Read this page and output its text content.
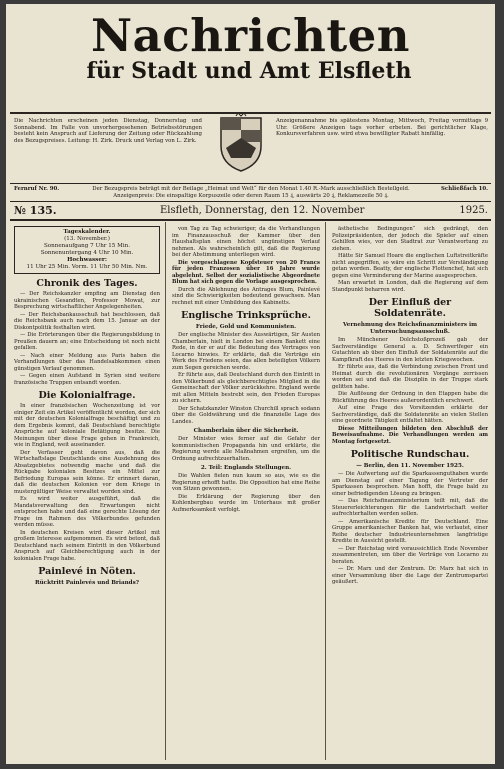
Nachrichten
für Stadt und Amt Elsfleth
Die Nachrichten erscheinen jeden Dienstag, Donnerstag und Sonnabend. Im Falle von unvorhergesehenen Betriebsstörungen besteht kein Anspruch auf Lieferung der Zeitung oder Rückzahlung des Bezugspreises. Leitung: H. Zirk. Druck und Verlag von L. Zirk.
Anzeigenannahme bis spätestens Montag, Mittwoch, Freitag vormittags 9 Uhr. Größere Anzeigen tags vorher erbeten. Bei gerichtlicher Klage, Konkursverfahren usw. wird etwa bewilligter Rabatt hinfällig.
Fernruf Nr. 90.	Der Bezugspreis beträgt mit der Beilage „Heimat und Welt“ für den Monat 1.40 R.-Mark ausschließlich Bestellgeld. Anzeigenpreis: Die einspaltige Korpuszeile oder deren Raum 15 ₰, auswärts 20 ₰, Reklamezeile 50 ₰.
Schließfach 10.
№ 135.	Elsfleth, Donnerstag, den 12. November	1925.
Tageskalender.
(13. November.)
Sonnenaufgang 7 Uhr 15 Min. Sonnenuntergang 4 Uhr 10 Min.
Hochwasser:
11 Uhr 25 Min. Vorm. 11 Uhr 50 Min. Nm.
Chronik des Tages.

— Der Reichskanzler empfing am Dienstag den ukrainischen Gesandten, Professor Mowat, zur Besprechung wirtschaftlicher Angelegenheiten.

— Der Reichsbankausschuß hat beschlossen, daß die Reichsbank auch nach dem 15. Januar an der Diskontpolitik festhalten wird.

— Die Erörterungen über die Regierungsbildung in Preußen dauern an; eine Entscheidung ist noch nicht gefallen.

— Nach einer Meldung aus Paris haben die Verhandlungen über das Handelsabkommen einen günstigen Verlauf genommen.

— Gegen einen Aufstand in Syrien sind weitere französische Truppen entsandt worden.

Die Kolonialfrage.

In einer französischen Wochenzeitung ist vor einiger Zeit ein Artikel veröffentlicht worden, der sich mit der deutschen Kolonialfrage beschäftigt und zu dem Ergebnis kommt, daß Deutschland berechtigte Ansprüche auf koloniale Betätigung besitze. Die Meinungen über diese Frage gehen in Frankreich, wie in England, weit auseinander.

Der Verfasser geht davon aus, daß die Wirtschaftslage Deutschlands eine Ausdehnung des Absatzgebietes notwendig mache und daß die Rückgabe kolonialen Besitzes ein Mittel zur Befriedung Europas sein könne. Er erinnert daran, daß die deutschen Kolonien vor dem Kriege in mustergültiger Weise verwaltet worden sind.

Es wird weiter ausgeführt, daß die Mandatsverwaltung den Erwartungen nicht entsprochen habe und daß eine gerechte Lösung der Frage im Rahmen des Völkerbundes gefunden werden müsse.

In deutschen Kreisen wird dieser Artikel mit großem Interesse aufgenommen. Es wird betont, daß Deutschland nach seinem Eintritt in den Völkerbund Anspruch auf Gleichberechtigung auch in der kolonialen Frage habe.

Painlevé in Nöten.
Rücktritt Painlevés und Briands?

von Tag zu Tag schwieriger, da die Verhandlungen im Finanzausschuß der Kammer über den Haushaltsplan einen höchst ungünstigen Verlauf nehmen. Als wahrscheinlich gilt, daß die Regierung bei der Abstimmung unterliegen wird.

Die vorgeschlagene Kopfsteuer von 20 Francs für jeden Franzosen über 16 Jahre wurde abgelehnt. Selbst der sozialistische Abgeordnete Blum hat sich gegen die Vorlage ausgesprochen.

Durch die Ablehnung des Antrages Blum, Painlevé sind die Schwierigkeiten bedeutend gewachsen. Man rechnet mit einer Umbildung des Kabinetts.

Englische Trinksprüche.
Friede, Gold und Kommunisten.

Der englische Minister des Auswärtigen, Sir Austen Chamberlain, hielt in London bei einem Bankett eine Rede, in der er auf die Bedeutung des Vertrages von Locarno hinwies. Er erklärte, daß die Verträge ein Werk des Friedens seien, das allen beteiligten Völkern zum Segen gereichen werde.

Er führte aus, daß Deutschland durch den Eintritt in den Völkerbund als gleichberechtigtes Mitglied in die Gemeinschaft der Völker zurückkehre. England werde mit allen Mitteln bestrebt sein, den Frieden Europas zu sichern.

Der Schatzkanzler Winston Churchill sprach sodann über die Goldwährung und die finanzielle Lage des Landes.

Chamberlain über die Sicherheit.

Der Minister wies ferner auf die Gefahr der kommunistischen Propaganda hin und erklärte, die Regierung werde alle Maßnahmen ergreifen, um die Ordnung aufrechtzuerhalten.

2. Teil: Englands Stellungen.

Die Wahlen fielen nun kaum so aus, wie es die Regierung erhofft hatte. Die Opposition hat eine Reihe von Sitzen gewonnen.

Die Erklärung der Regierung über den Kohlenbergbau wurde im Unterhaus mit großer Aufmerksamkeit verfolgt.

ästhetische Bedingungen“ sich gedrängt, den Polizeipräsidenten, der jedoch die Spieler auf einen Gehilfen wies, vor den Stadtrat zur Verantwortung zu ziehen.

Hätte Sir Samuel Hoare die englischen Luftstreitkräfte nicht angegriffen, so wäre ein Schritt zur Verständigung getan worden. Beatty, der englische Flottenchef, hat sich gegen eine Verminderung der Marine ausgesprochen.

Man erwartet in London, daß die Regierung auf dem Standpunkt beharren wird.

Der Einfluß der Soldatenräte.
Vernehmung des Reichsfinanzministers im Untersuchungsausschuß.

Im Münchener Dolchstoßprozeß gab der Sachverständige General a. D. Schwertfeger ein Gutachten ab über den Einfluß der Soldatenräte auf die Kampfkraft des Heeres in den letzten Kriegswochen.

Er führte aus, daß die Verbindung zwischen Front und Heimat durch die revolutionären Vorgänge zerrissen worden sei und daß die Disziplin in der Truppe stark gelitten habe.

Die Auflösung der Ordnung in den Etappen habe die Rückführung des Heeres außerordentlich erschwert.

Auf eine Frage des Vorsitzenden erklärte der Sachverständige, daß die Soldatenräte an vielen Stellen eine geordnete Tätigkeit entfaltet hätten.

Diese Mitteilungen bildeten den Abschluß der Beweisaufnahme. Die Verhandlungen werden am Montag fortgesetzt.

Politische Rundschau.
— Berlin, den 11. November 1925.

— Die Aufwertung auf die Sparkassenguthaben wurde am Dienstag auf einer Tagung der Vertreter der Sparkassen besprochen. Man hofft, die Frage bald zu einer befriedigenden Lösung zu bringen.

— Das Reichsfinanzministerium teilt mit, daß die Steuererleichterungen für die Landwirtschaft weiter aufrechterhalten werden sollen.

— Amerikanische Kredite für Deutschland. Eine Gruppe amerikanischer Banken hat, wie verlautet, einer Reihe deutscher Industrieunternehmen langfristige Kredite in Aussicht gestellt.

— Der Reichstag wird voraussichtlich Ende November zusammentreten, um über die Verträge von Locarno zu beraten.

— Dr. Marx und der Zentrum. Dr. Marx hat sich in einer Versammlung über die Lage der Zentrumspartei geäußert.
